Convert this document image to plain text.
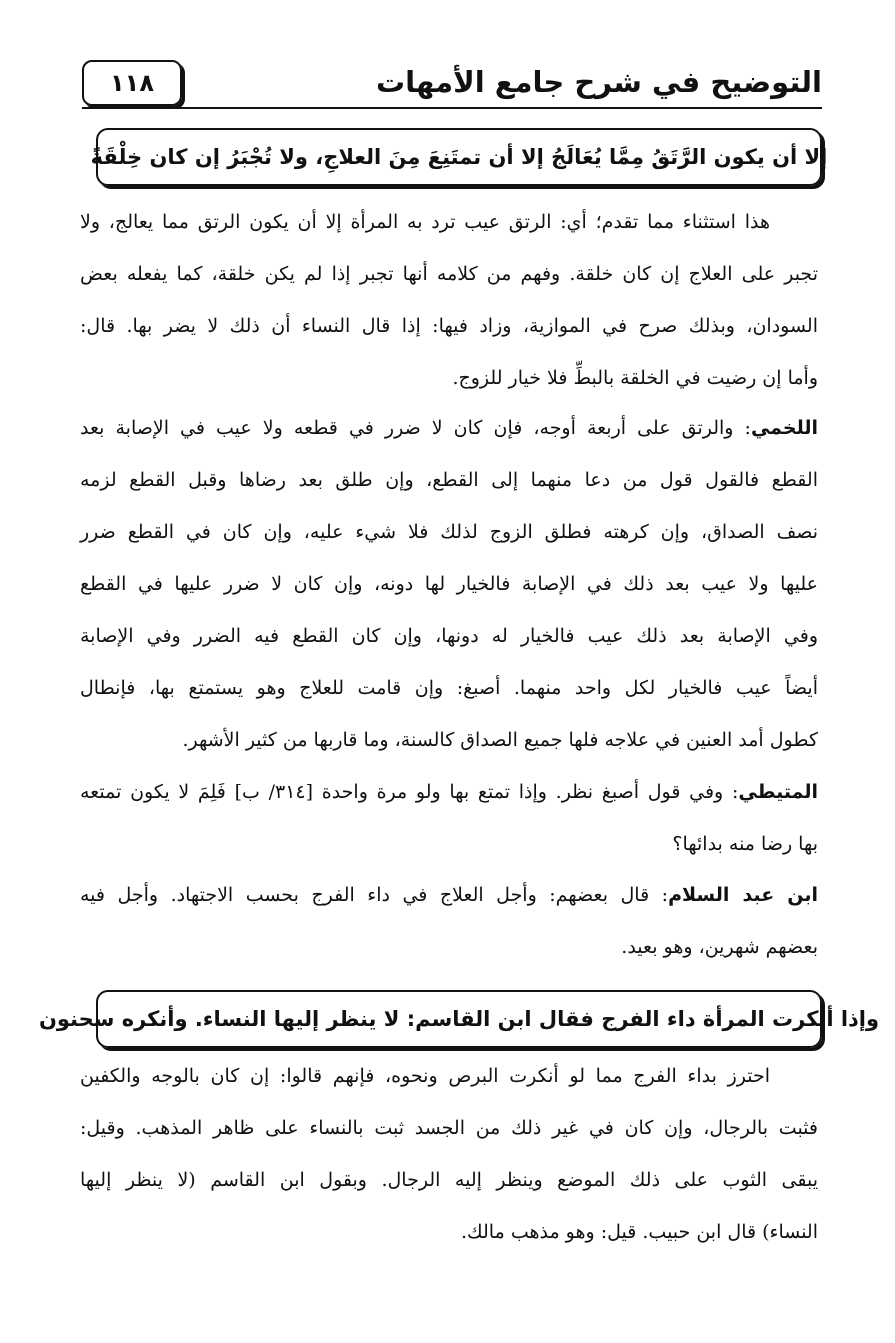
التوضيح في شرح جامع الأمهات
١١٨
إلا أن يكون الرَّتَقُ مِمَّا يُعَالَجُ إلا أن تمتَنِعَ مِنَ العلاجِ، ولا تُجْبَرُ إن كان خِلْقَةً
هذا استثناء مما تقدم؛ أي: الرتق عيب ترد به المرأة إلا أن يكون الرتق مما يعالج، ولا
تجبر على العلاج إن كان خلقة. وفهم من كلامه أنها تجبر إذا لم يكن خلقة، كما يفعله بعض
السودان، وبذلك صرح في الموازية، وزاد فيها: إذا قال النساء أن ذلك لا يضر بها. قال:
وأما إن رضيت في الخلقة بالبطِّ فلا خيار للزوج.
اللخمي: والرتق على أربعة أوجه، فإن كان لا ضرر في قطعه ولا عيب في الإصابة بعد
القطع فالقول قول من دعا منهما إلى القطع، وإن طلق بعد رضاها وقبل القطع لزمه
نصف الصداق، وإن كرهته فطلق الزوج لذلك فلا شيء عليه، وإن كان في القطع ضرر
عليها ولا عيب بعد ذلك في الإصابة فالخيار لها دونه، وإن كان لا ضرر عليها في القطع
وفي الإصابة بعد ذلك عيب فالخيار له دونها، وإن كان القطع فيه الضرر وفي الإصابة
أيضاً عيب فالخيار لكل واحد منهما. أصبغ: وإن قامت للعلاج وهو يستمتع بها، فإنطال
كطول أمد العنين في علاجه فلها جميع الصداق كالسنة، وما قاربها من كثير الأشهر.
المتيطي: وفي قول أصبغ نظر. وإذا تمتع بها ولو مرة واحدة [٣١٤/ ب] فَلِمَ لا يكون تمتعه
بها رضا منه بدائها؟
ابن عبد السلام: قال بعضهم: وأجل العلاج في داء الفرج بحسب الاجتهاد. وأجل فيه
بعضهم شهرين، وهو بعيد.
وإذا أنكرت المرأة داء الفرج فقال ابن القاسم: لا ينظر إليها النساء. وأنكره سحنون
احترز بداء الفرج مما لو أنكرت البرص ونحوه، فإنهم قالوا: إن كان بالوجه والكفين
فثبت بالرجال، وإن كان في غير ذلك من الجسد ثبت بالنساء على ظاهر المذهب. وقيل:
يبقى الثوب على ذلك الموضع وينظر إليه الرجال. وبقول ابن القاسم (لا ينظر إليها
النساء) قال ابن حبيب. قيل: وهو مذهب مالك.
